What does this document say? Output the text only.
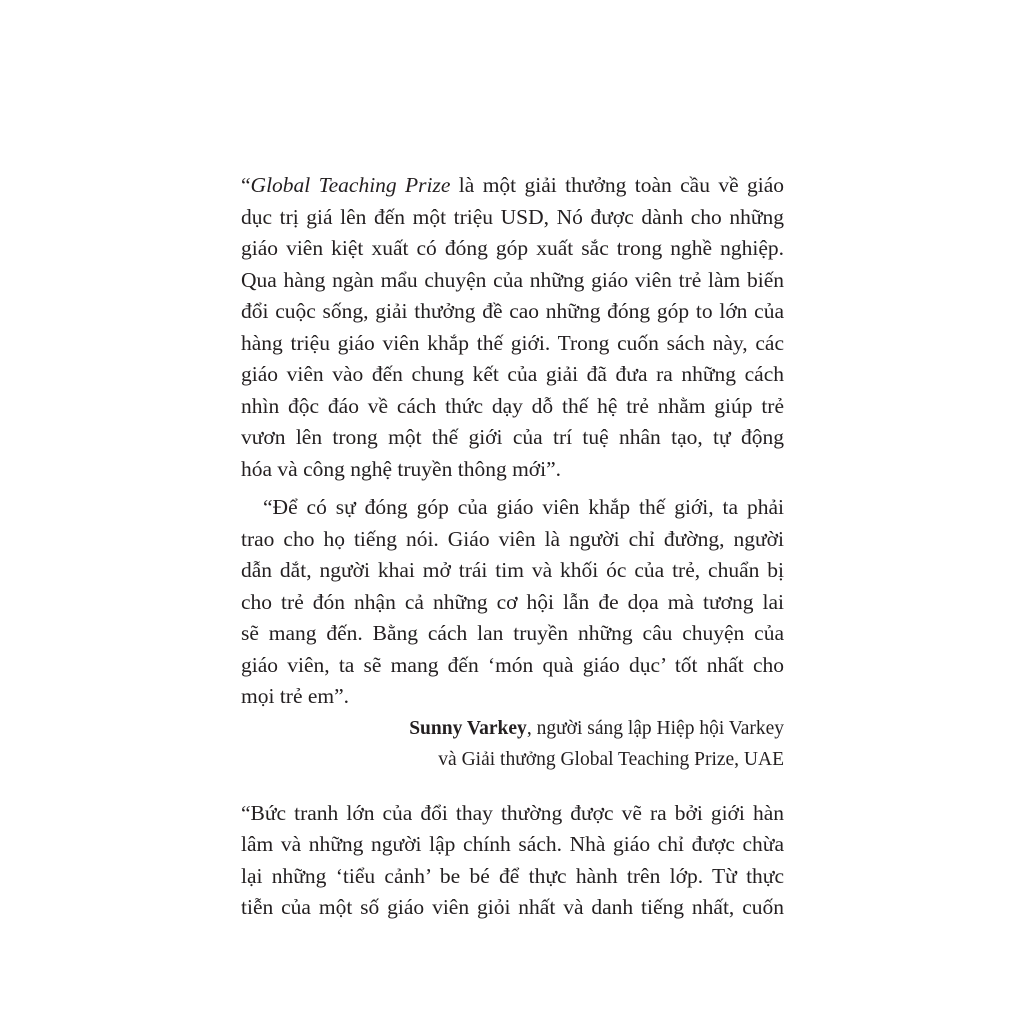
“Global Teaching Prize là một giải thưởng toàn cầu về giáo
dục trị giá lên đến một triệu USD, Nó được dành cho những
giáo viên kiệt xuất có đóng góp xuất sắc trong nghề nghiệp.
Qua hàng ngàn mẩu chuyện của những giáo viên trẻ làm biến
đổi cuộc sống, giải thưởng đề cao những đóng góp to lớn của
hàng triệu giáo viên khắp thế giới. Trong cuốn sách này, các
giáo viên vào đến chung kết của giải đã đưa ra những cách
nhìn độc đáo về cách thức dạy dỗ thế hệ trẻ nhằm giúp trẻ
vươn lên trong một thế giới của trí tuệ nhân tạo, tự động
hóa và công nghệ truyền thông mới”.
“Để có sự đóng góp của giáo viên khắp thế giới, ta phải
trao cho họ tiếng nói. Giáo viên là người chỉ đường, người
dẫn dắt, người khai mở trái tim và khối óc của trẻ, chuẩn bị
cho trẻ đón nhận cả những cơ hội lẫn đe dọa mà tương lai
sẽ mang đến. Bằng cách lan truyền những câu chuyện của
giáo viên, ta sẽ mang đến ‘món quà giáo dục’ tốt nhất cho
mọi trẻ em”.
Sunny Varkey, người sáng lập Hiệp hội Varkey
và Giải thưởng Global Teaching Prize, UAE
“Bức tranh lớn của đổi thay thường được vẽ ra bởi giới hàn
lâm và những người lập chính sách. Nhà giáo chỉ được chừa
lại những ‘tiểu cảnh’ be bé để thực hành trên lớp. Từ thực
tiễn của một số giáo viên giỏi nhất và danh tiếng nhất, cuốn
